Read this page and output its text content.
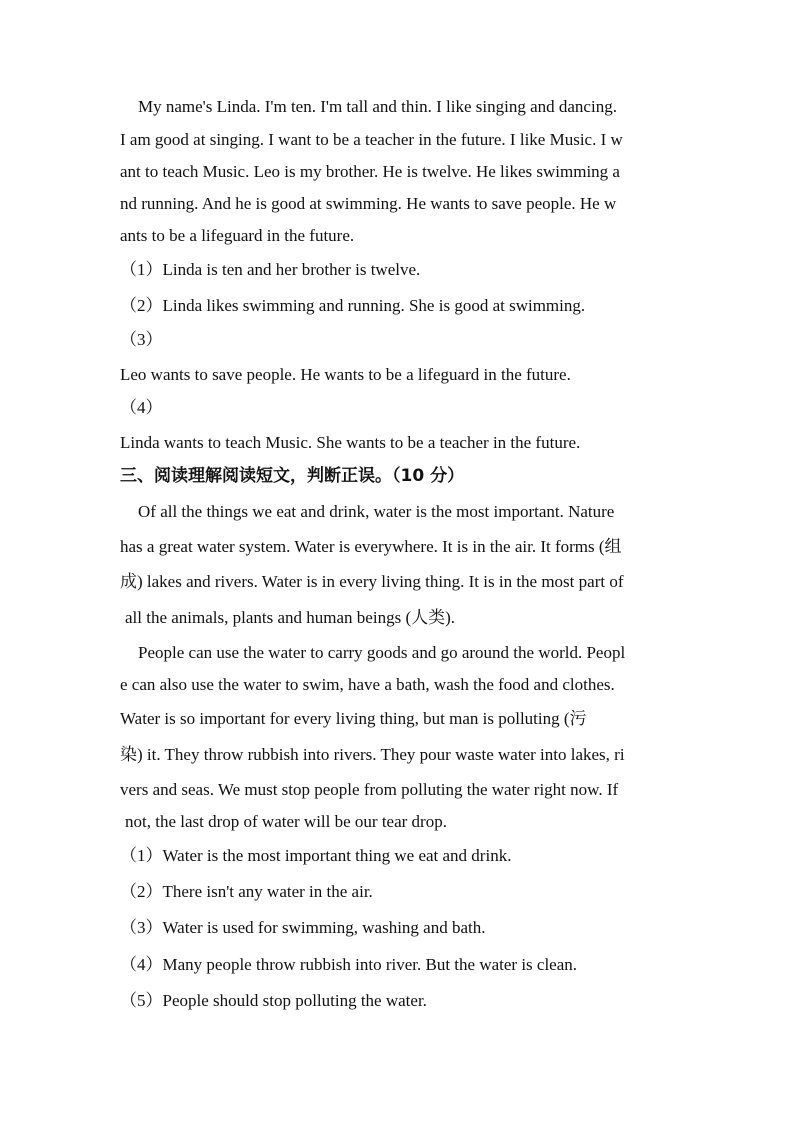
My name's Linda. I'm ten. I'm tall and thin. I like singing and dancing.
I am good at singing. I want to be a teacher in the future. I like Music. I w
ant to teach Music. Leo is my brother. He is twelve. He likes swimming a
nd running. And he is good at swimming. He wants to save people. He w
ants to be a lifeguard in the future.
（1）Linda is ten and her brother is twelve.
（2）Linda likes swimming and running. She is good at swimming.
（3）
Leo wants to save people. He wants to be a lifeguard in the future.
（4）
Linda wants to teach Music. She wants to be a teacher in the future.
三、阅读理解阅读短文，判断正误。（10 分）
Of all the things we eat and drink, water is the most important. Nature
has a great water system. Water is everywhere. It is in the air. It forms (组
成) lakes and rivers. Water is in every living thing. It is in the most part of
all the animals, plants and human beings (人类).
People can use the water to carry goods and go around the world. Peopl
e can also use the water to swim, have a bath, wash the food and clothes.
Water is so important for every living thing, but man is polluting (污
染) it. They throw rubbish into rivers. They pour waste water into lakes, ri
vers and seas. We must stop people from polluting the water right now. If
not, the last drop of water will be our tear drop.
（1）Water is the most important thing we eat and drink.
（2）There isn't any water in the air.
（3）Water is used for swimming, washing and bath.
（4）Many people throw rubbish into river. But the water is clean.
（5）People should stop polluting the water.
